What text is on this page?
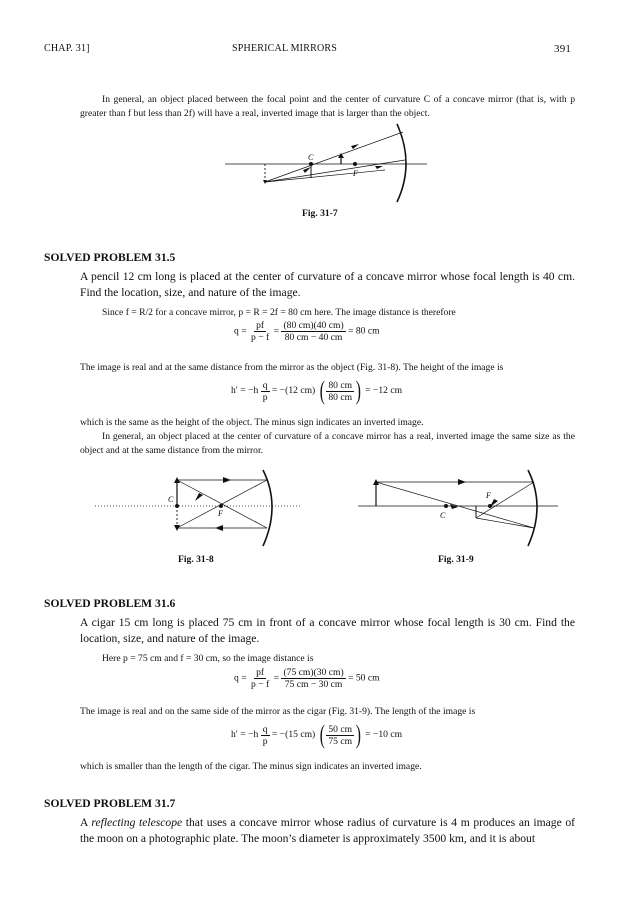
CHAP. 31]	SPHERICAL MIRRORS	391
In general, an object placed between the focal point and the center of curvature C of a concave mirror (that is, with p greater than f but less than 2f) will have a real, inverted image that is larger than the object.
C
F
Fig. 31-7
SOLVED PROBLEM 31.5
A pencil 12 cm long is placed at the center of curvature of a concave mirror whose focal length is 40 cm. Find the location, size, and nature of the image.
Since f = R/2 for a concave mirror, p = R = 2f = 80 cm here. The image distance is therefore
$q = \frac{pf}{p - f} = \frac{(80 cm)(40 cm)}{80 cm - 40 cm} = 80$ cm
The image is real and at the same distance from the mirror as the object (Fig. 31-8). The height of the image is
$h' = -h \frac{q}{p} = -(12$ cm) ( $\frac{80 cm}{80 cm}$ ) = −12 cm
which is the same as the height of the object. The minus sign indicates an inverted image.
In general, an object placed at the center of curvature of a concave mirror has a real, inverted image the same size as the object and at the same distance from the mirror.
C
F
Fig. 31-8
C
F
Fig. 31-9
SOLVED PROBLEM 31.6
A cigar 15 cm long is placed 75 cm in front of a concave mirror whose focal length is 30 cm. Find the location, size, and nature of the image.
Here p = 75 cm and f = 30 cm, so the image distance is
$q = \frac{pf}{p - f} = \frac{(75 cm)(30 cm)}{75 cm - 30 cm} = 50$ cm
The image is real and on the same side of the mirror as the cigar (Fig. 31-9). The length of the image is
$h' = -h \frac{q}{p} = -(15$ cm) ( $\frac{50 cm}{75 cm}$ ) = −10 cm
which is smaller than the length of the cigar. The minus sign indicates an inverted image.
SOLVED PROBLEM 31.7
A reflecting telescope that uses a concave mirror whose radius of curvature is 4 m produces an image of the moon on a photographic plate. The moon’s diameter is approximately 3500 km, and it is about
